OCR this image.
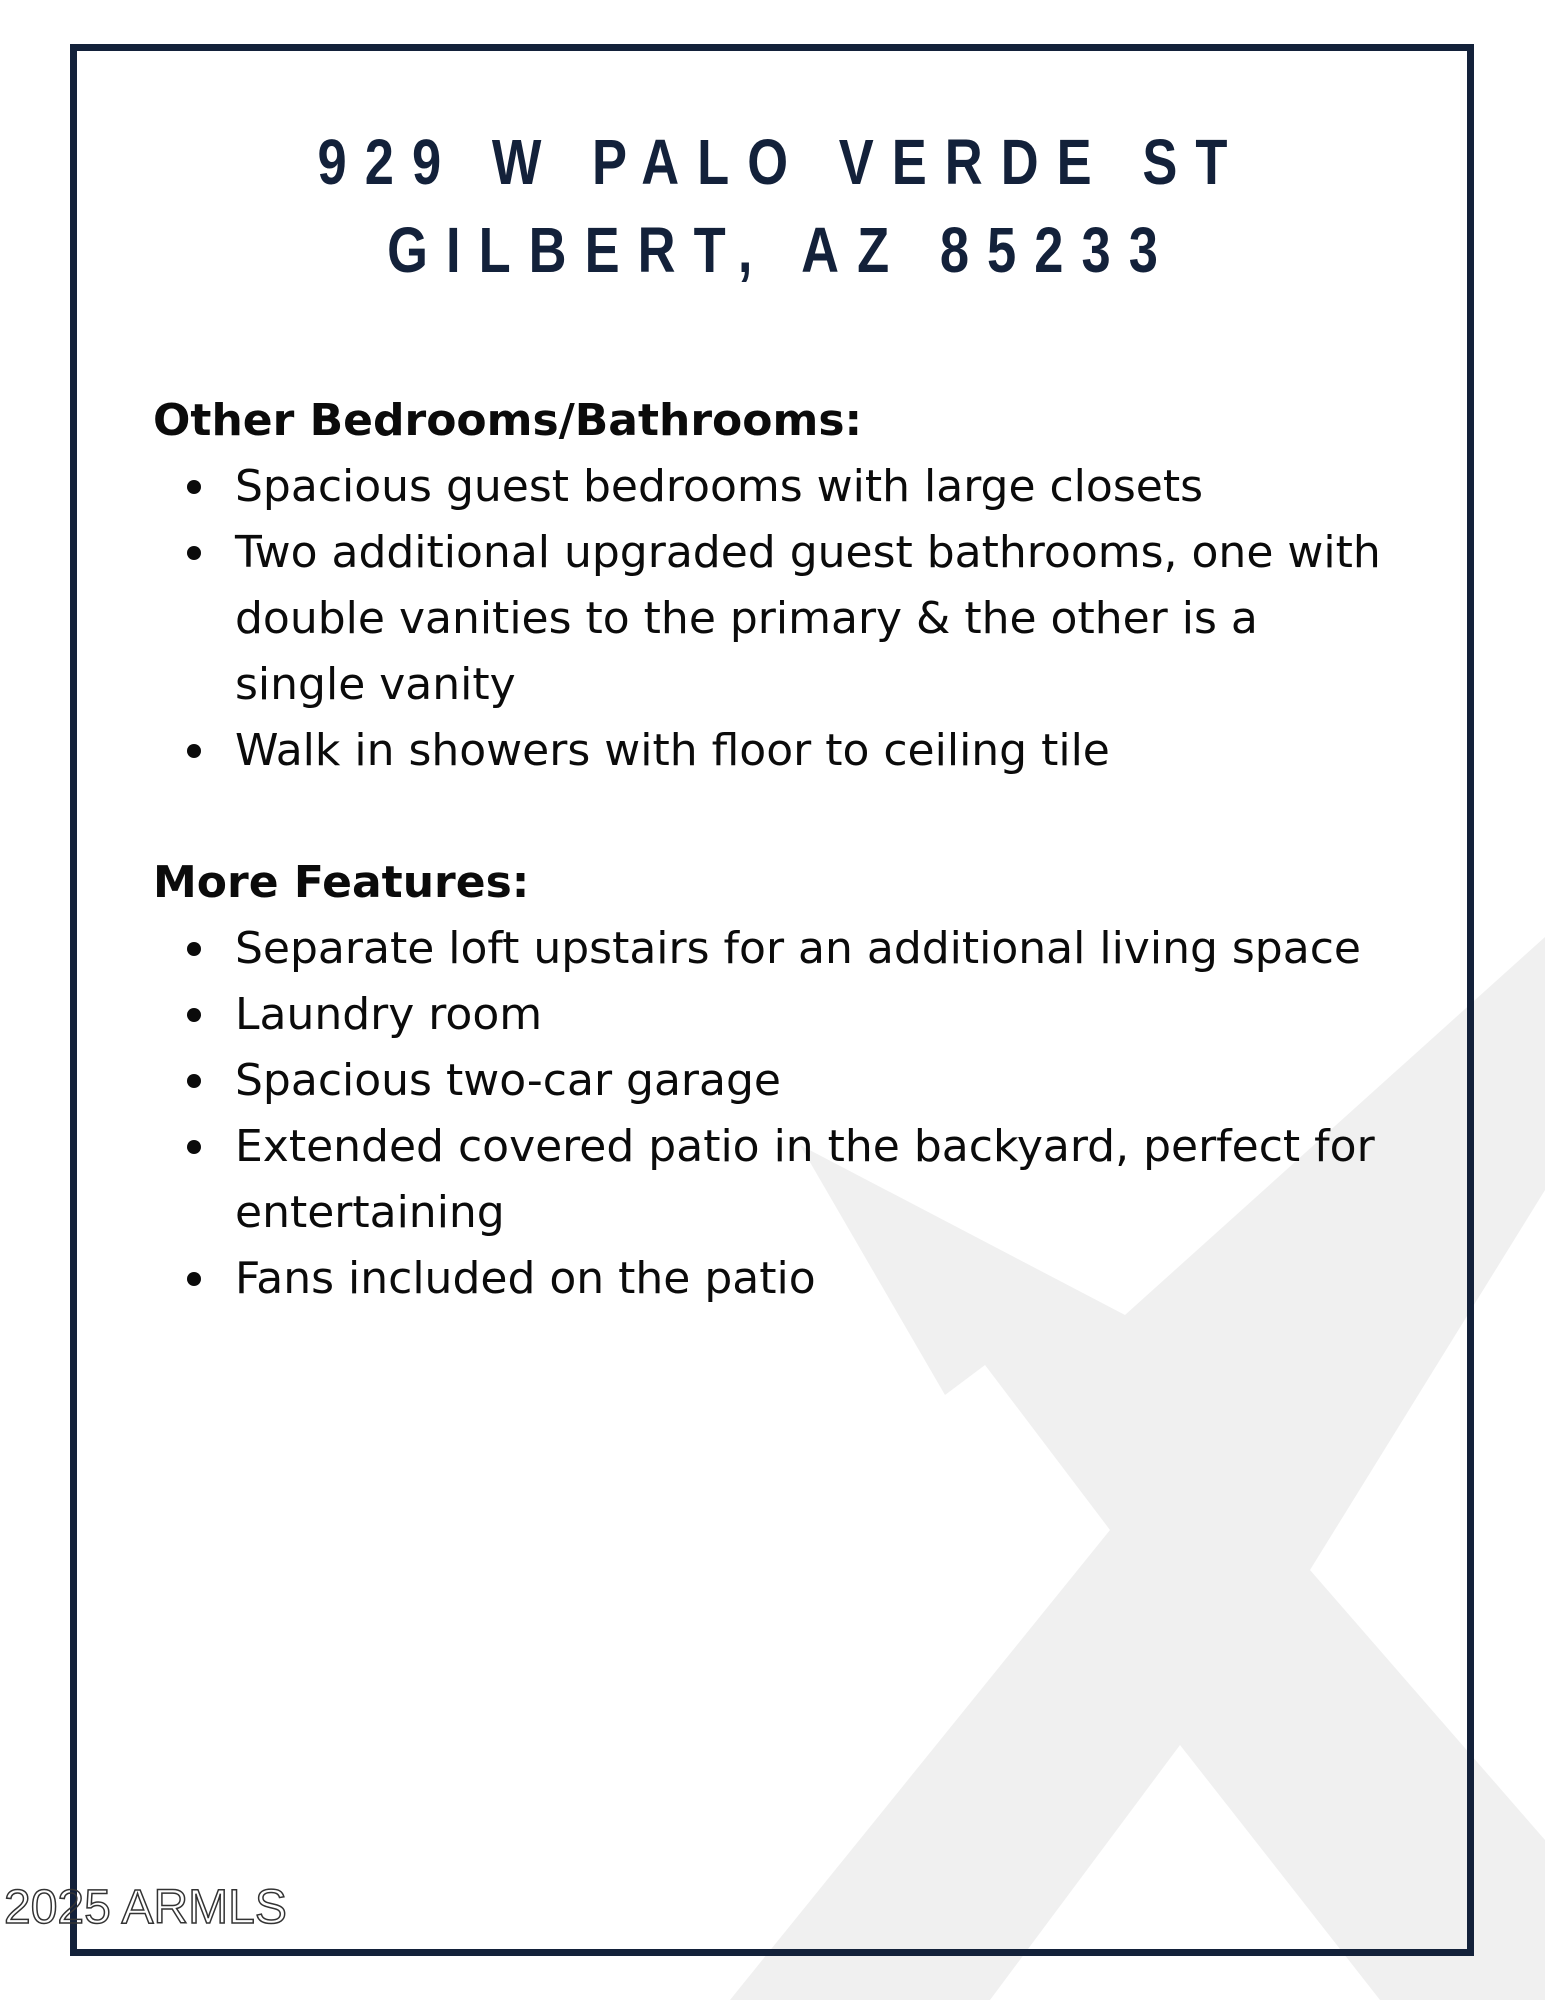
929 W PALO VERDE ST
GILBERT, AZ 85233
Other Bedrooms/Bathrooms:
Spacious guest bedrooms with large closets
Two additional upgraded guest bathrooms, one with double vanities to the primary & the other is a single vanity
Walk in showers with floor to ceiling tile
More Features:
Separate loft upstairs for an additional living space
Laundry room
Spacious two-car garage
Extended covered patio in the backyard, perfect for entertaining
Fans included on the patio
2025 ARMLS
